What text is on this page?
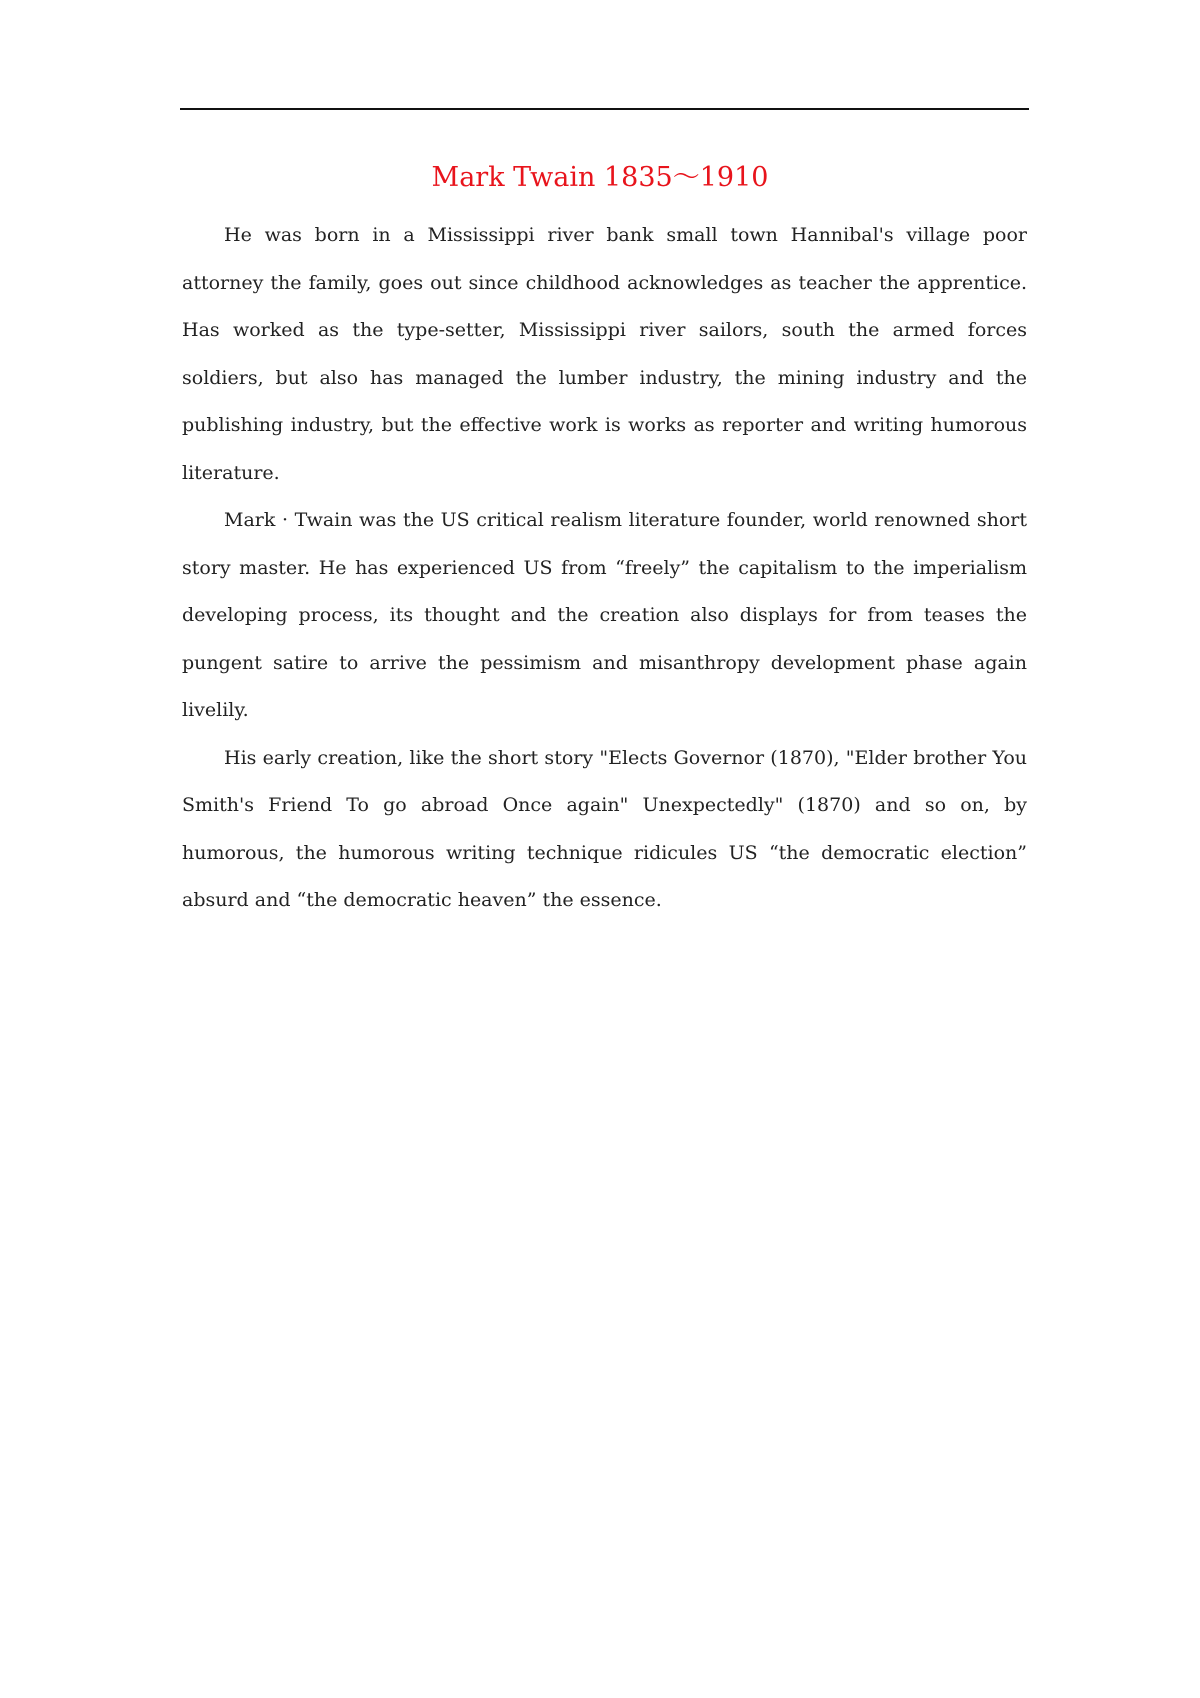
Mark Twain 1835～1910

He was born in a Mississippi river bank small town Hannibal's village poor attorney the family, goes out since childhood acknowledges as teacher the apprentice. Has worked as the type-setter, Mississippi river sailors, south the armed forces soldiers, but also has managed the lumber industry, the mining industry and the publishing industry, but the effective work is works as reporter and writing humorous literature.

Mark · Twain was the US critical realism literature founder, world renowned short story master. He has experienced US from “freely” the capitalism to the imperialism developing process, its thought and the creation also displays for from teases the pungent satire to arrive the pessimism and misanthropy development phase again livelily.

His early creation, like the short story "Elects Governor (1870), "Elder brother You Smith's Friend To go abroad Once again" Unexpectedly" (1870) and so on, by humorous, the humorous writing technique ridicules US “the democratic election” absurd and “the democratic heaven” the essence.
